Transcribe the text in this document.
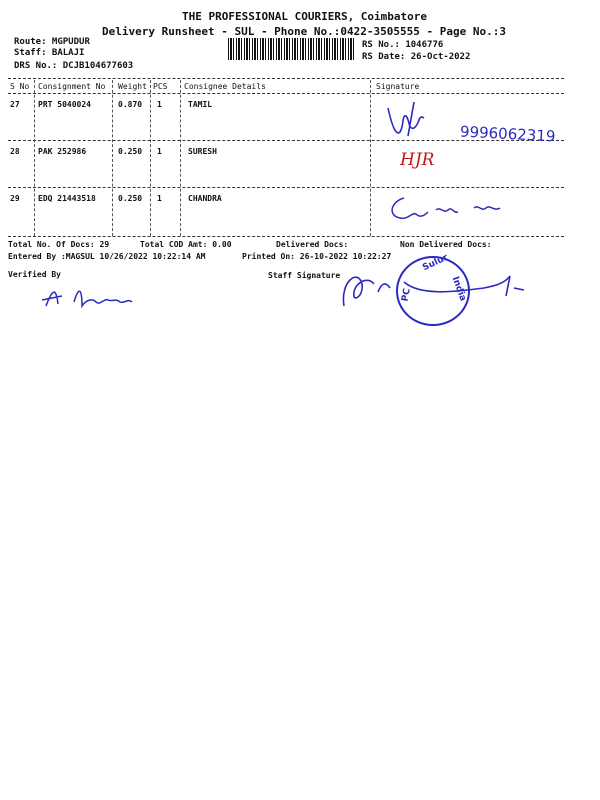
THE PROFESSIONAL COURIERS, Coimbatore
Delivery Runsheet - SUL - Phone No.:0422-3505555 - Page No.:3
Route: MGPUDUR
Staff: BALAJI
DRS No.: DCJB104677603
RS No.: 1046776
RS Date: 26-Oct-2022
S No Consignment No Weight PCS Consignee Details	Signature
27 PRT 5040024	0.870 1	TAMIL
28 PAK 252986	0.250 1	SURESH
29 EDQ 21443518	0.250 1	CHANDRA
9996062319
HJR
Total No. Of Docs: 29	Total COD Amt: 0.00	Delivered Docs:	Non Delivered Docs:
Entered By :MAGSUL 10/26/2022 10:22:14 AM	Printed On: 26-10-2022 10:22:27
Verified By	Staff Signature
Sulur
PC	India
